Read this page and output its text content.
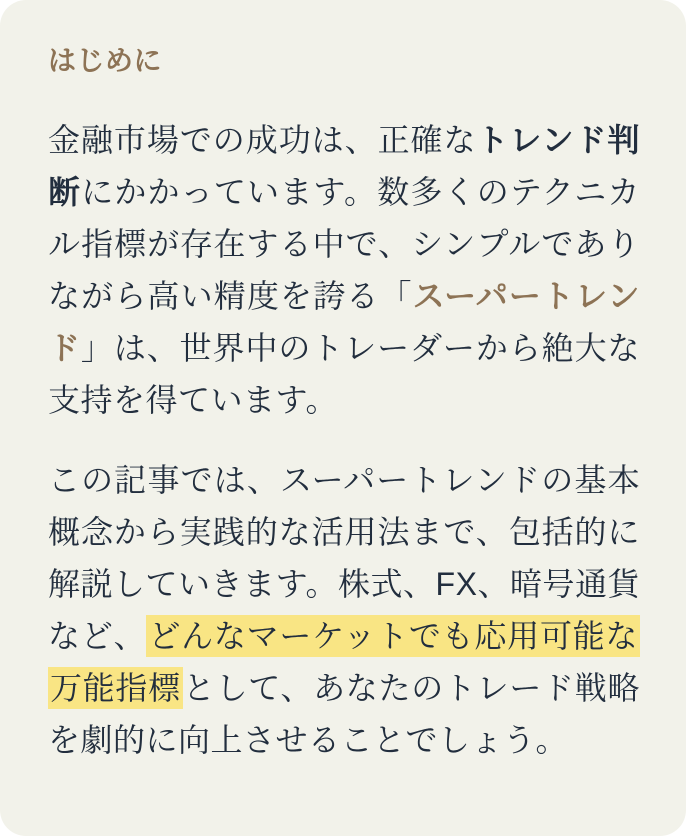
はじめに

金融市場での成功は、正確なトレンド判断にかかっています。数多くのテクニカル指標が存在する中で、シンプルでありながら高い精度を誇る「スーパートレンド」は、世界中のトレーダーから絶大な支持を得ています。

この記事では、スーパートレンドの基本概念から実践的な活用法まで、包括的に解説していきます。株式、FX、暗号通貨など、どんなマーケットでも応用可能な万能指標として、あなたのトレード戦略を劇的に向上させることでしょう。
